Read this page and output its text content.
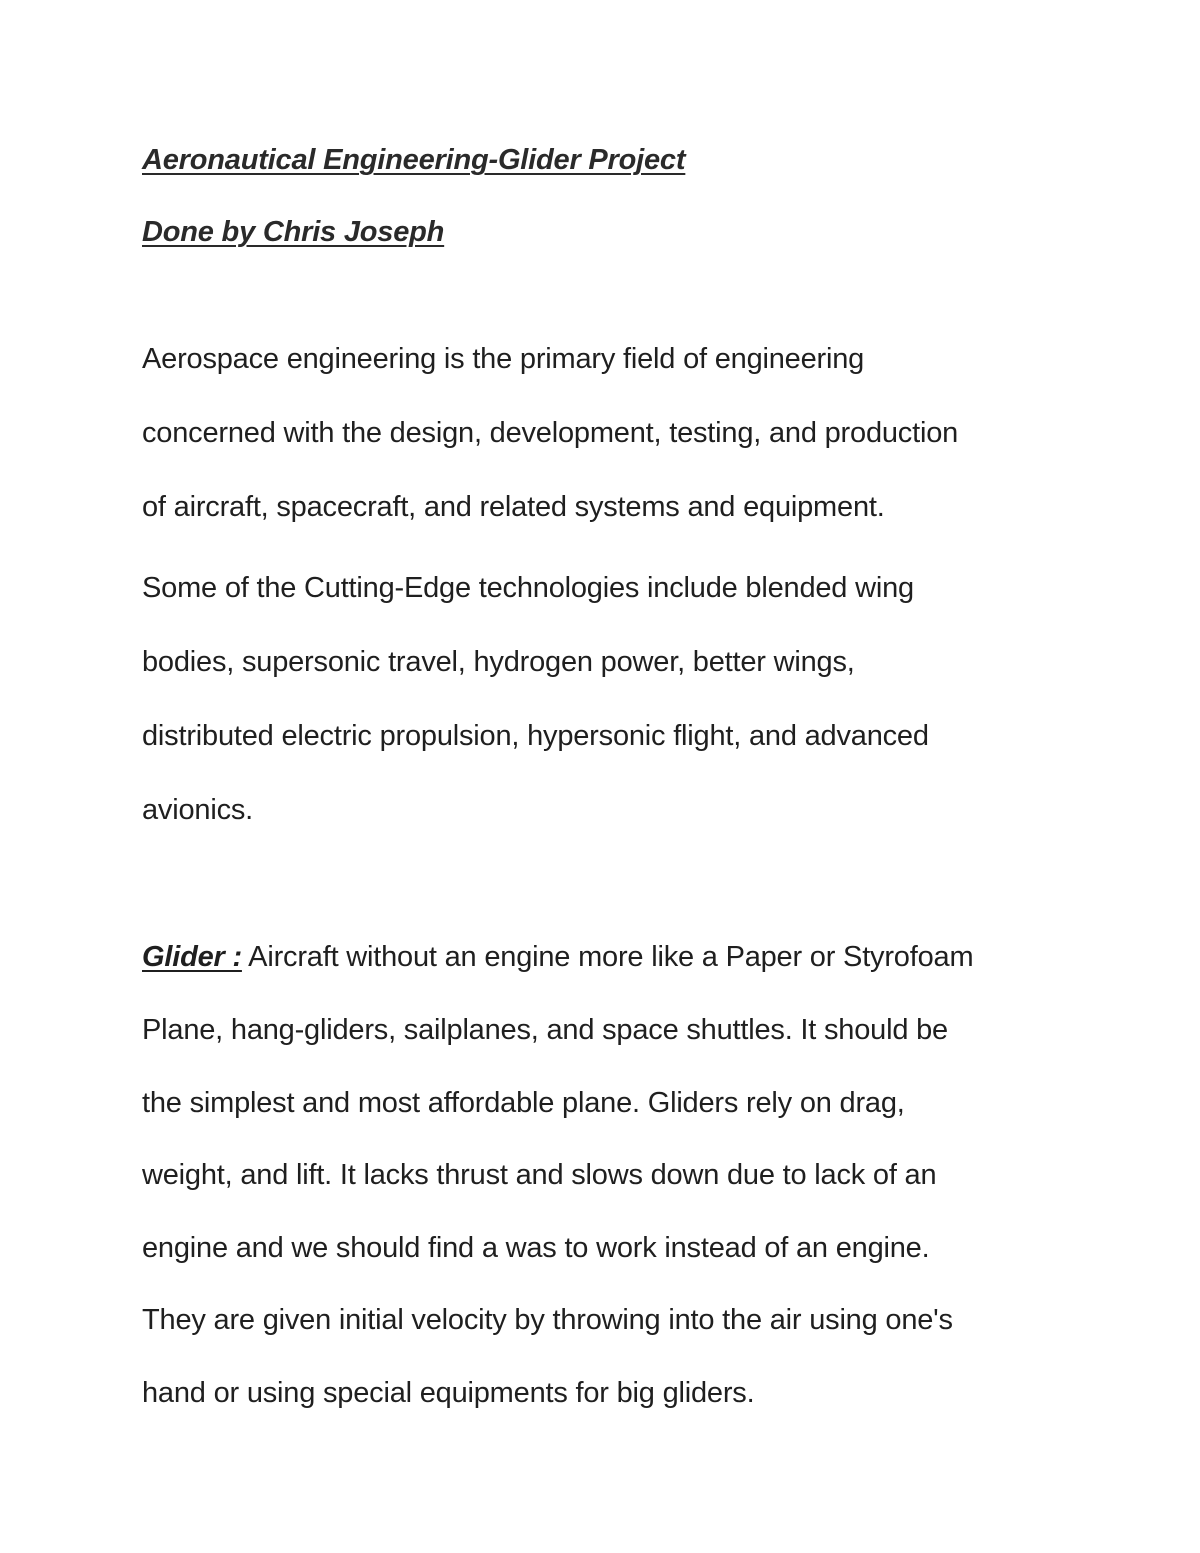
Aeronautical Engineering-Glider Project
Done by Chris Joseph
Aerospace engineering is the primary field of engineering
concerned with the design, development, testing, and production
of aircraft, spacecraft, and related systems and equipment.
Some of the Cutting-Edge technologies include blended wing
bodies, supersonic travel, hydrogen power, better wings,
distributed electric propulsion, hypersonic flight, and advanced
avionics.
Glider : Aircraft without an engine more like a Paper or Styrofoam
Plane, hang-gliders, sailplanes, and space shuttles. It should be
the simplest and most affordable plane. Gliders rely on drag,
weight, and lift. It lacks thrust and slows down due to lack of an
engine and we should find a was to work instead of an engine.
They are given initial velocity by throwing into the air using one's
hand or using special equipments for big gliders.
